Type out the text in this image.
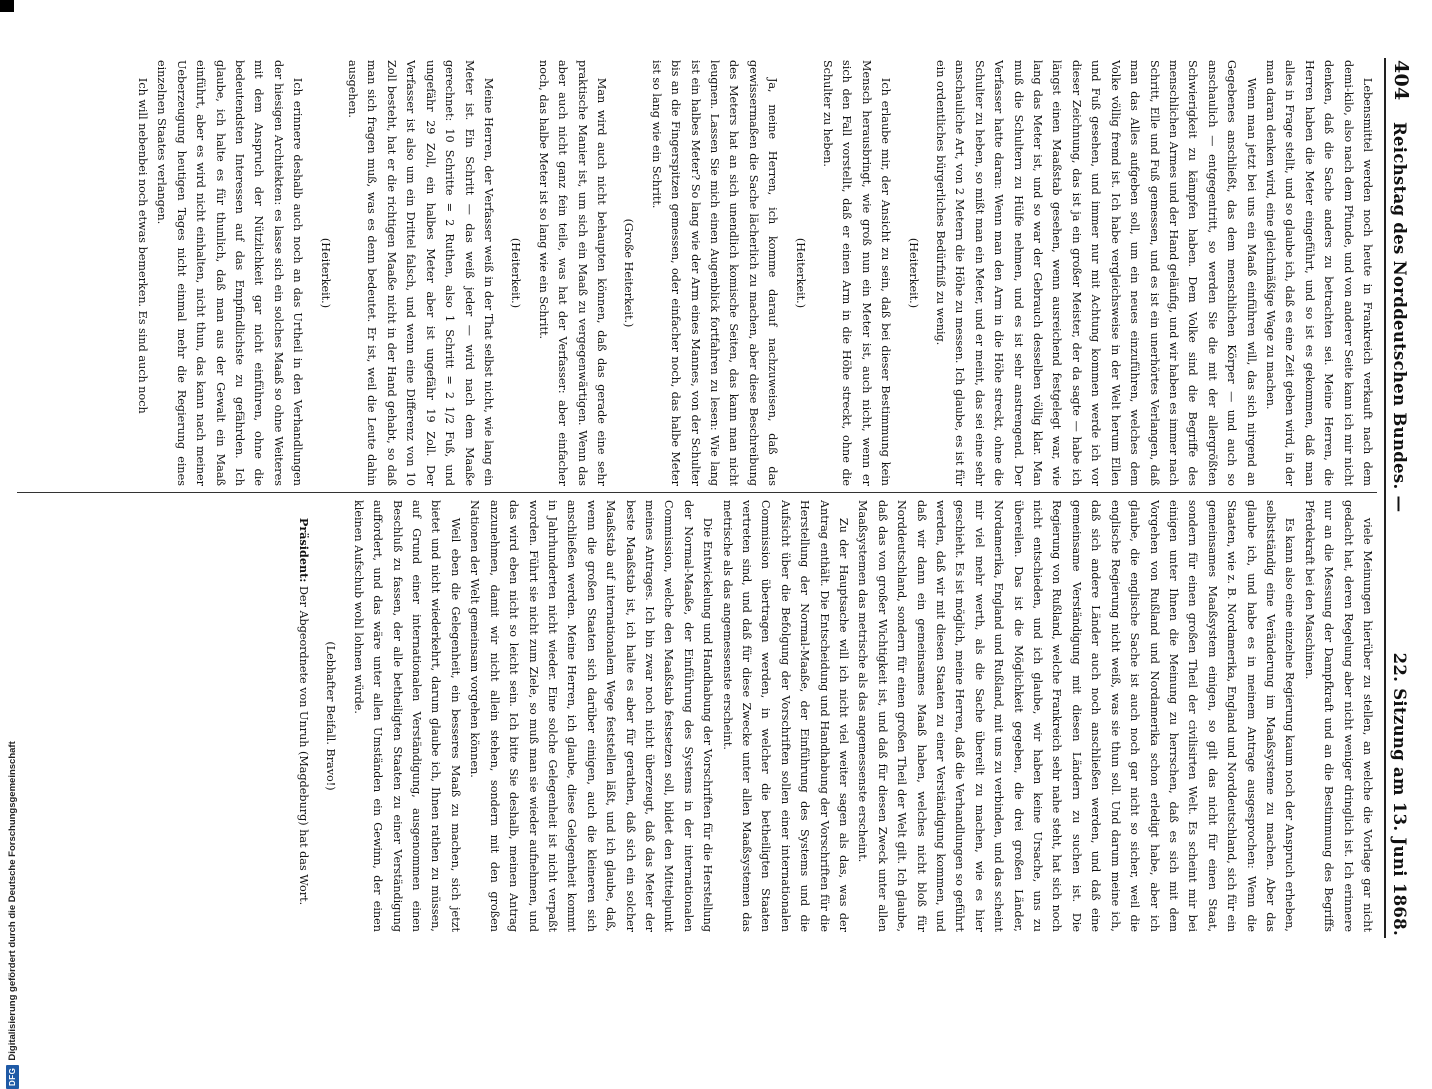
DFG
Digitalisierung gefördert durch die Deutsche Forschungsgemeinschaft
404
Reichstag des Norddeutschen Bundes. —
22. Sitzung am 13. Juni 1868.

Lebensmittel werden noch heute in Frankreich verkauft nach dem demi-kilo, also nach dem Pfunde, und von anderer Seite kann ich mir nicht denken, daß die Sache anders zu betrachten sei. Meine Herren, die Herren haben die Meter eingeführt, und so ist es gekommen, daß man alles in Frage stellt, und so glaube ich, daß es eine Zeit geben wird, in der man daran denken wird, eine gleichmäßige Wage zu machen.

Wenn man jetzt bei uns ein Maaß einführen will, das sich nirgend an Gegebenes anschließt, das dem menschlichen Körper — und auch so anschaulich — entgegentritt, so werden Sie die mit der allergrößten Schwierigkeit zu kämpfen haben. Dem Volke sind die Begriffe des menschlichen Armes und der Hand geläufig, und wir haben es immer nach Schritt, Elle und Fuß gemessen, und es ist ein unerhörtes Verlangen, daß man das Alles aufgeben soll, um ein neues einzuführen, welches dem Volke völlig fremd ist. Ich habe vergleichsweise in der Welt herum Ellen und Fuß gesehen, und immer nur mit Achtung kommen werde ich vor dieser Zeichnung, das ist ja ein großer Meister, der da sagte — habe ich längst einen Maaßstab gesehen, wenn ausreichend festgelegt war, wie lang das Meter ist, und so war der Gebrauch desselben völlig klar. Man muß die Schultern zu Hülfe nehmen, und es ist sehr anstrengend. Der Verfasser hatte daran: Wenn man den Arm in die Höhe streckt, ohne die Schulter zu heben, so mißt man ein Meter, und er meint, das sei eine sehr anschauliche Art, von 2 Metern die Höhe zu messen. Ich glaube, es ist für ein ordentliches bürgerliches Bedürfniß zu wenig.

(Heiterkeit.)

Ich erlaube mir, der Ansicht zu sein, daß bei dieser Bestimmung kein Mensch herausbringt, wie groß nun ein Meter ist, auch nicht, wenn er sich den Fall vorstellt, daß er einen Arm in die Höhe streckt, ohne die Schulter zu heben.

(Heiterkeit.)

Ja, meine Herren, ich komme darauf nachzuweisen, daß das gewissermaßen die Sache lächerlich zu machen, aber diese Beschreibung des Meters hat an sich unendlich komische Seiten, das kann man nicht leugnen. Lassen Sie mich einen Augenblick fortfahren zu lesen: Wie lang ist ein halbes Meter? So lang wie der Arm eines Mannes, von der Schulter bis an die Fingerspitzen gemessen, oder einfacher noch, das halbe Meter ist so lang wie ein Schritt.

(Große Heiterkeit.)

Man wird auch nicht behaupten können, daß das gerade eine sehr praktische Manier ist, um sich ein Maaß zu vergegenwärtigen. Wenn das aber auch nicht ganz fein teile, was hat der Verfasser: aber einfacher noch, das halbe Meter ist so lang wie ein Schritt.

(Heiterkeit.)

Meine Herren, der Verfasser weiß in der That selbst nicht, wie lang ein Meter ist. Ein Schritt — das weiß jeder — wird nach dem Maaße gerechnet: 10 Schritte = 2 Ruthen, also 1 Schritt = 2 1/2 Fuß, und ungefähr 29 Zoll, ein halbes Meter aber ist ungefähr 19 Zoll. Der Verfasser ist also um ein Drittel falsch, und wenn eine Differenz von 10 Zoll besteht, hat er die richtigen Maaße nicht in der Hand gehabt, so daß man sich fragen muß, was es denn bedeutet. Er ist, weil die Leute dahin ausgehen.

(Heiterkeit.)

Ich erinnere deshalb auch noch an das Urtheil in den Verhandlungen der hiesigen Architekten: es lasse sich ein solches Maaß so ohne Weiteres mit dem Anspruch der Nützlichkeit gar nicht einführen, ohne die bedeutendsten Interessen auf das Empfindlichste zu gefährden. Ich glaube, ich halte es für thunlich, daß man aus der Gewalt ein Maaß einführt, aber es wird nicht einhalten, nicht thun, das kann nach meiner Ueberzeugung heutigen Tages nicht einmal mehr die Regierung eines einzelnen Staates verlangen.

Ich will nebenbei noch etwas bemerken. Es sind auch noch

viele Meinungen hierüber zu stellen, an welche die Vorlage gar nicht gedacht hat, deren Regelung aber nicht weniger dringlich ist. Ich erinnere nur an die Messung der Dampfkraft und an die Bestimmung des Begriffs Pferdekraft bei den Maschinen.

Es kann also eine einzelne Regierung kaum noch der Anspruch erheben, selbstständig eine Veränderung im Maaßsysteme zu machen. Aber das glaube ich, und habe es in meinem Antrage ausgesprochen: Wenn die Staaten, wie z. B. Nordamerika, England und Norddeutschland, sich für ein gemeinsames Maaßsystem einigen, so gilt das nicht für einen Staat, sondern für einen großen Theil der civilisirten Welt. Es scheint mir bei einigen unter Ihnen die Meinung zu herrschen, daß es sich mit dem Vorgehen von Rußland und Nordamerika schon erledigt habe, aber ich glaube, die englische Sache ist auch noch gar nicht so sicher, weil die englische Regierung nicht weiß, was sie thun soll. Und darum meine ich, daß sich andere Länder auch noch anschließen werden, und daß eine gemeinsame Verständigung mit diesen Ländern zu suchen ist. Die Regierung von Rußland, welche Frankreich sehr nahe steht, hat sich noch nicht entschieden, und ich glaube, wir haben keine Ursache, uns zu übereilen. Das ist die Möglichkeit gegeben, die drei großen Länder, Nordamerika, England und Rußland, mit uns zu verbinden, und das scheint mir viel mehr werth, als die Sache übereilt zu machen, wie es hier geschieht. Es ist möglich, meine Herren, daß die Verhandlungen so geführt werden, daß wir mit diesen Staaten zu einer Verständigung kommen, und daß wir dann ein gemeinsames Maaß haben, welches nicht bloß für Norddeutschland, sondern für einen großen Theil der Welt gilt. Ich glaube, daß das von großer Wichtigkeit ist, und daß für diesen Zweck unter allen Maaßsystemen das metrische als das angemessenste erscheint.

Zu der Hauptsache will ich nicht viel weiter sagen als das, was der Antrag enthält. Die Entscheidung und Handhabung der Vorschriften für die Herstellung der Normal-Maaße, der Einführung des Systems und die Aufsicht über die Befolgung der Vorschriften sollen einer internationalen Commission übertragen werden, in welcher die betheiligten Staaten vertreten sind, und daß für diese Zwecke unter allen Maaßsystemen das metrische als das angemessenste erscheint.

Die Entwickelung und Handhabung der Vorschriften für die Herstellung der Normal-Maaße, der Einführung des Systems in der internationalen Commission, welche den Maaßstab festsetzen soll, bildet den Mittelpunkt meines Antrages. Ich bin zwar noch nicht überzeugt, daß das Meter der beste Maaßstab ist, ich halte es aber für gerathen, daß sich ein solcher Maaßstab auf internationalem Wege feststellen läßt, und ich glaube, daß, wenn die großen Staaten sich darüber einigen, auch die kleineren sich anschließen werden. Meine Herren, ich glaube, diese Gelegenheit kommt in Jahrhunderten nicht wieder. Eine solche Gelegenheit ist nicht verpaßt worden. Führt sie nicht zum Ziele, so muß man sie wieder aufnehmen, und das wird eben nicht so leicht sein. Ich bitte Sie deshalb, meinen Antrag anzunehmen, damit wir nicht allein stehen, sondern mit den großen Nationen der Welt gemeinsam vorgehen können.

Weil eben die Gelegenheit, ein besseres Maaß zu machen, sich jetzt bietet und nicht wiederkehrt, darum glaube ich, Ihnen rathen zu müssen, auf Grund einer internationalen Verständigung, ausgenommen einen Beschluß zu fassen, der alle betheiligten Staaten zu einer Verständigung auffordert, und das wäre unter allen Umständen ein Gewinn, der einen kleinen Aufschub wohl lohnen würde.

(Lebhafter Beifall. Bravo!)

Präsident: Der Abgeordnete von Unruh (Magdeburg) hat das Wort.
